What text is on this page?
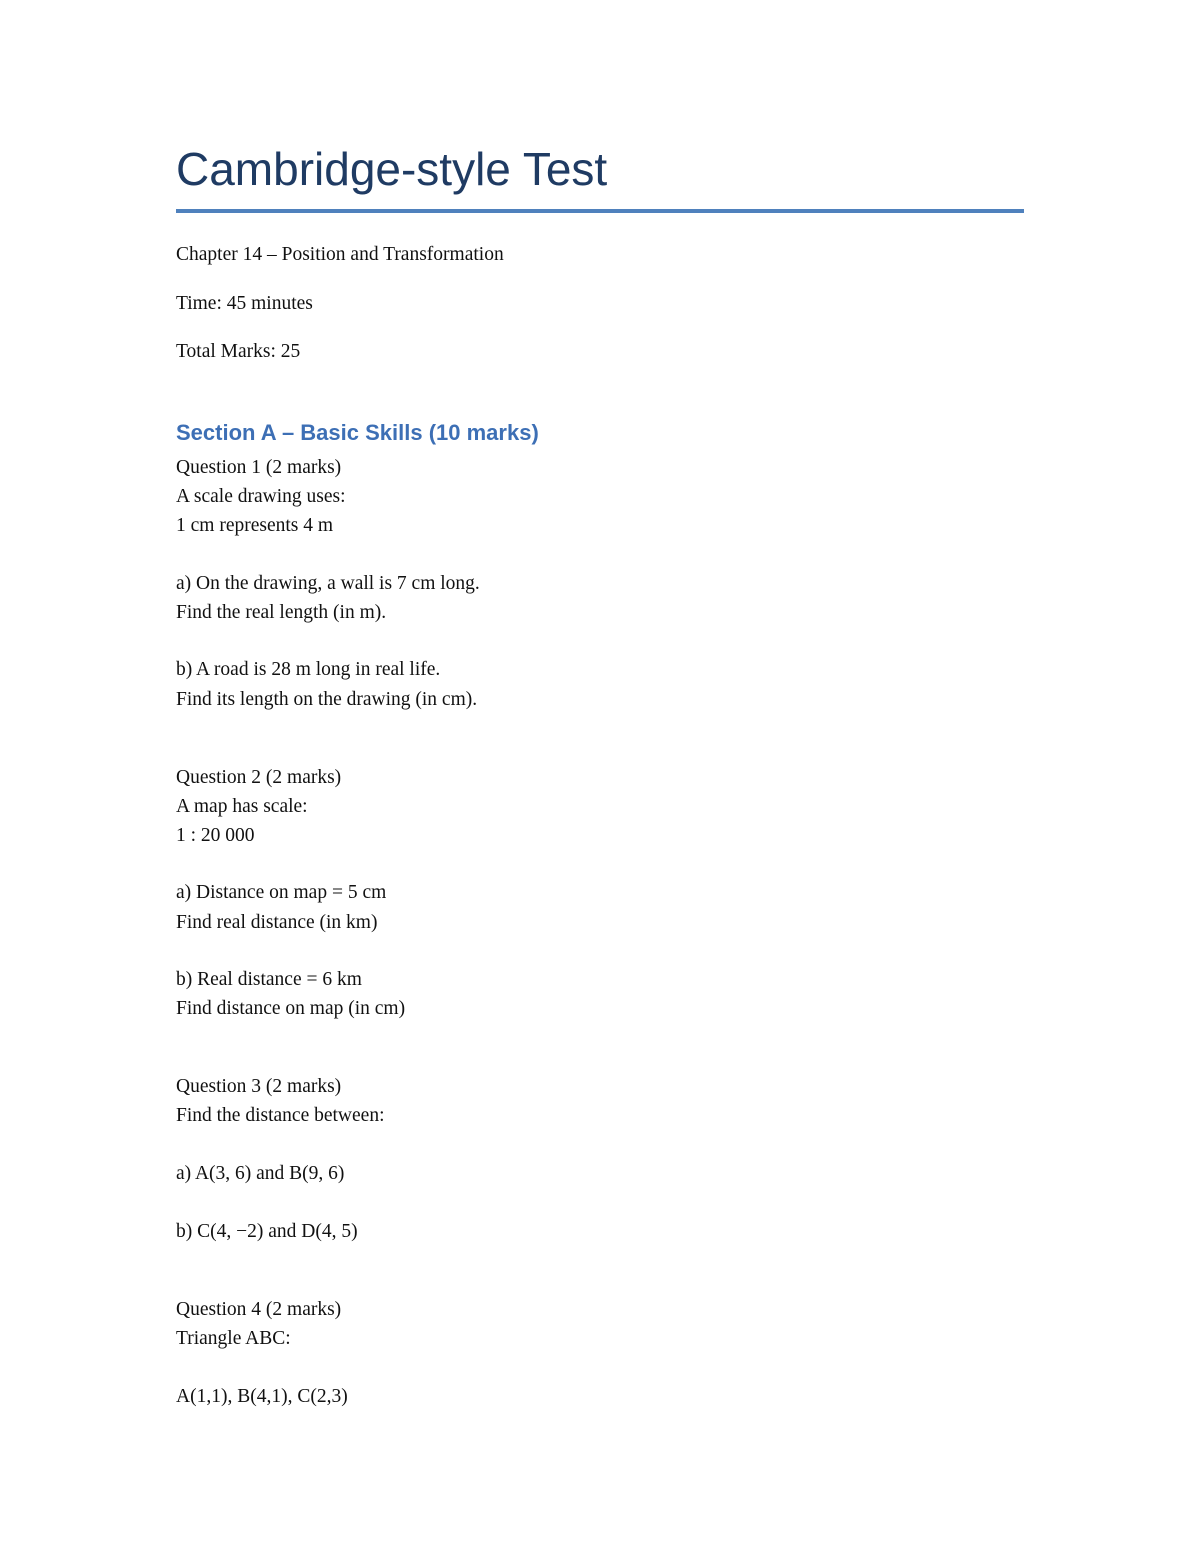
Cambridge-style Test
Chapter 14 – Position and Transformation
Time: 45 minutes
Total Marks: 25
Section A – Basic Skills (10 marks)
Question 1 (2 marks)
A scale drawing uses:
1 cm represents 4 m
a) On the drawing, a wall is 7 cm long.
Find the real length (in m).
b) A road is 28 m long in real life.
Find its length on the drawing (in cm).
Question 2 (2 marks)
A map has scale:
1 : 20 000
a) Distance on map = 5 cm
Find real distance (in km)
b) Real distance = 6 km
Find distance on map (in cm)
Question 3 (2 marks)
Find the distance between:
a) A(3, 6) and B(9, 6)
b) C(4, −2) and D(4, 5)
Question 4 (2 marks)
Triangle ABC:
A(1,1), B(4,1), C(2,3)
